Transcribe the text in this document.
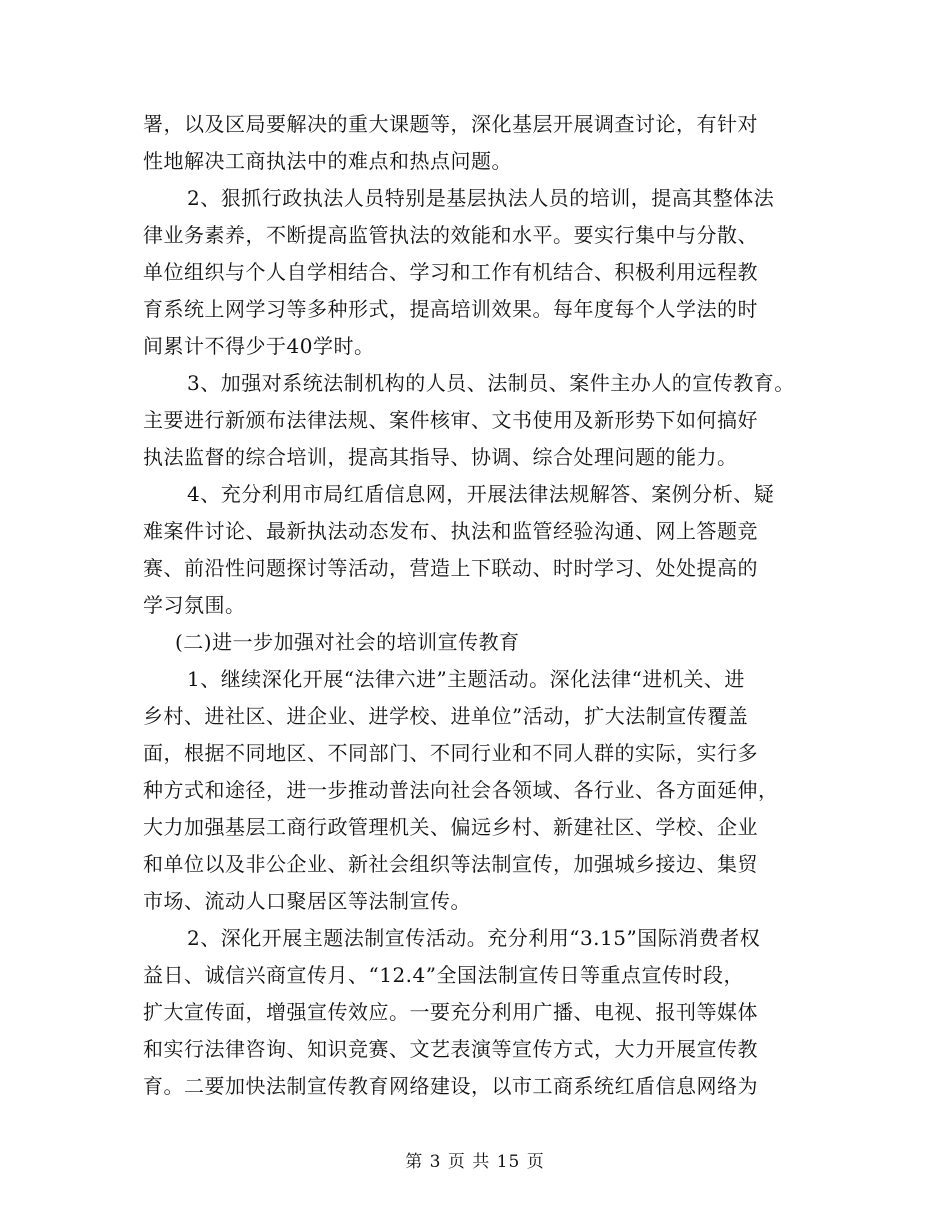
署，以及区局要解决的重大课题等，深化基层开展调查讨论，有针对
性地解决工商执法中的难点和热点问题。
2、狠抓行政执法人员特别是基层执法人员的培训，提高其整体法
律业务素养，不断提高监管执法的效能和水平。要实行集中与分散、
单位组织与个人自学相结合、学习和工作有机结合、积极利用远程教
育系统上网学习等多种形式，提高培训效果。每年度每个人学法的时
间累计不得少于40学时。
3、加强对系统法制机构的人员、法制员、案件主办人的宣传教育。
主要进行新颁布法律法规、案件核审、文书使用及新形势下如何搞好
执法监督的综合培训，提高其指导、协调、综合处理问题的能力。
4、充分利用市局红盾信息网，开展法律法规解答、案例分析、疑
难案件讨论、最新执法动态发布、执法和监管经验沟通、网上答题竞
赛、前沿性问题探讨等活动，营造上下联动、时时学习、处处提高的
学习氛围。
(二)进一步加强对社会的培训宣传教育
1、继续深化开展“法律六进”主题活动。深化法律“进机关、进
乡村、进社区、进企业、进学校、进单位”活动，扩大法制宣传覆盖
面，根据不同地区、不同部门、不同行业和不同人群的实际，实行多
种方式和途径，进一步推动普法向社会各领域、各行业、各方面延伸，
大力加强基层工商行政管理机关、偏远乡村、新建社区、学校、企业
和单位以及非公企业、新社会组织等法制宣传，加强城乡接边、集贸
市场、流动人口聚居区等法制宣传。
2、深化开展主题法制宣传活动。充分利用“3.15”国际消费者权
益日、诚信兴商宣传月、“12.4”全国法制宣传日等重点宣传时段，
扩大宣传面，增强宣传效应。一要充分利用广播、电视、报刊等媒体
和实行法律咨询、知识竞赛、文艺表演等宣传方式，大力开展宣传教
育。二要加快法制宣传教育网络建设，以市工商系统红盾信息网络为
第 3 页 共 15 页
